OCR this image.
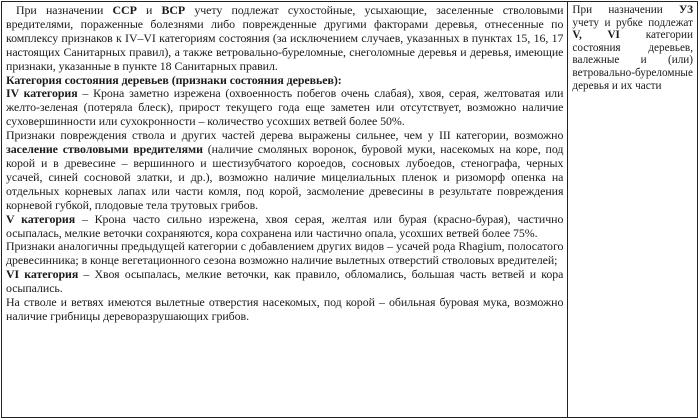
При назначении ССР и ВСР учету подлежат сухостойные, усыхающие, заселенные стволовыми вредителями, пораженные болезнями либо поврежденные другими факторами деревья, отнесенные по комплексу признаков к IV–VI категориям состояния (за исключением случаев, указанных в пунктах 15, 16, 17 настоящих Санитарных правил), а также ветровально-буреломные, снеголомные деревья и деревья, имеющие признаки, указанные в пункте 18 Санитарных правил.

Категория состояния деревьев (признаки состояния деревьев):

IV категория – Крона заметно изрежена (охвоенность побегов очень слабая), хвоя, серая, желтоватая или желто-зеленая (потеряла блеск), прирост текущего года еще заметен или отсутствует, возможно наличие суховершинности или сухокронности – количество усохших ветвей более 50%.

Признаки повреждения ствола и других частей дерева выражены сильнее, чем у III категории, возможно заселение стволовыми вредителями (наличие смоляных воронок, буровой муки, насекомых на коре, под корой и в древесине – вершинного и шестизубчатого короедов, сосновых лубоедов, стенографа, черных усачей, синей сосновой златки, и др.), возможно наличие мицелиальных пленок и ризоморф опенка на отдельных корневых лапах или части комля, под корой, засмоление древесины в результате повреждения корневой губкой, плодовые тела трутовых грибов.

V категория – Крона часто сильно изрежена, хвоя серая, желтая или бурая (красно-бурая), частично осыпалась, мелкие веточки сохраняются, кора сохранена или частично опала, усохших ветвей более 75%.

Признаки аналогичны предыдущей категории с добавлением других видов – усачей рода Rhagium, полосатого древесинника; в конце вегетационного сезона возможно наличие вылетных отверстий стволовых вредителей;

VI категория – Хвоя осыпалась, мелкие веточки, как правило, обломались, большая часть ветвей и кора осыпались.

На стволе и ветвях имеются вылетные отверстия насекомых, под корой – обильная буровая мука, возможно наличие грибницы дереворазрушающих грибов.

При назначении УЗ учету и рубке подлежат V, VI категории состояния деревьев, валежные и (или) ветровально-буреломные деревья и их части
